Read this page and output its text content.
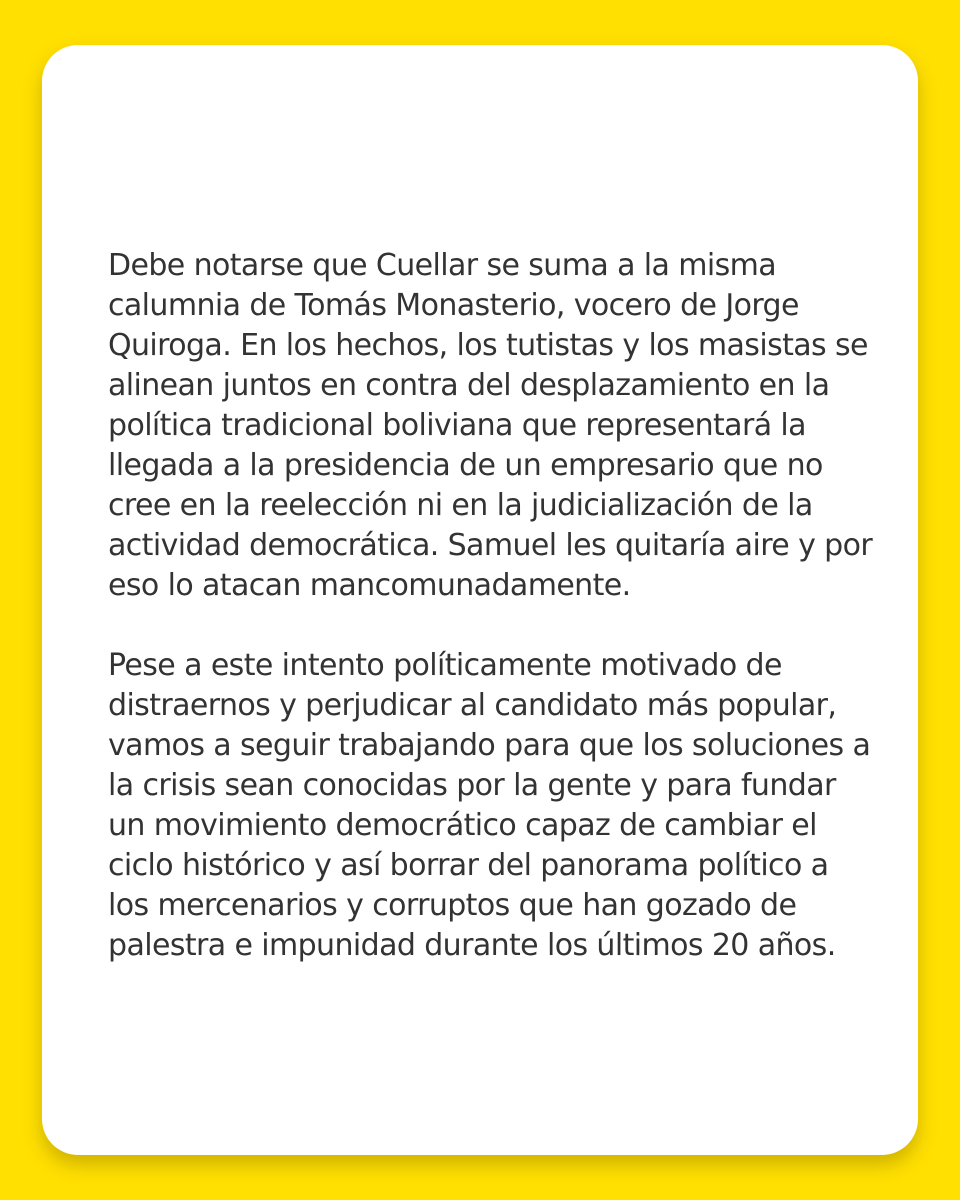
Debe notarse que Cuellar se suma a la misma
calumnia de Tomás Monasterio, vocero de Jorge
Quiroga. En los hechos, los tutistas y los masistas se
alinean juntos en contra del desplazamiento en la
política tradicional boliviana que representará la
llegada a la presidencia de un empresario que no
cree en la reelección ni en la judicialización de la
actividad democrática. Samuel les quitaría aire y por
eso lo atacan mancomunadamente.

Pese a este intento políticamente motivado de
distraernos y perjudicar al candidato más popular,
vamos a seguir trabajando para que los soluciones a
la crisis sean conocidas por la gente y para fundar
un movimiento democrático capaz de cambiar el
ciclo histórico y así borrar del panorama político a
los mercenarios y corruptos que han gozado de
palestra e impunidad durante los últimos 20 años.
